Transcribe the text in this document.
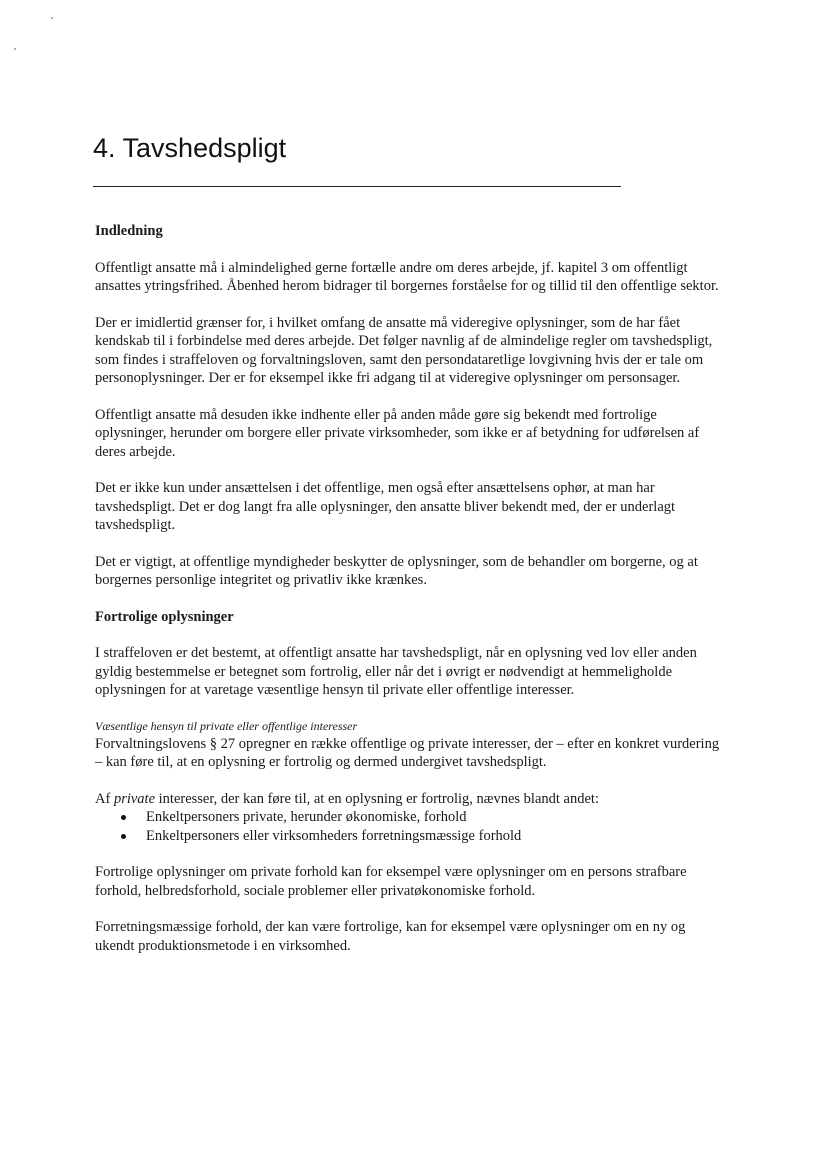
4. Tavshedspligt

Indledning

Offentligt ansatte må i almindelighed gerne fortælle andre om deres arbejde, jf. kapitel 3 om offentligt ansattes ytringsfrihed. Åbenhed herom bidrager til borgernes forståelse for og tillid til den offentlige sektor.

Der er imidlertid grænser for, i hvilket omfang de ansatte må videregive oplysninger, som de har fået kendskab til i forbindelse med deres arbejde. Det følger navnlig af de almindelige regler om tavshedspligt, som findes i straffeloven og forvaltningsloven, samt den persondataretlige lovgivning hvis der er tale om personoplysninger. Der er for eksempel ikke fri adgang til at videregive oplysninger om personsager.

Offentligt ansatte må desuden ikke indhente eller på anden måde gøre sig bekendt med fortrolige oplysninger, herunder om borgere eller private virksomheder, som ikke er af betydning for udførelsen af deres arbejde.

Det er ikke kun under ansættelsen i det offentlige, men også efter ansættelsens ophør, at man har tavshedspligt. Det er dog langt fra alle oplysninger, den ansatte bliver bekendt med, der er underlagt tavshedspligt.

Det er vigtigt, at offentlige myndigheder beskytter de oplysninger, som de behandler om borgerne, og at borgernes personlige integritet og privatliv ikke krænkes.

Fortrolige oplysninger

I straffeloven er det bestemt, at offentligt ansatte har tavshedspligt, når en oplysning ved lov eller anden gyldig bestemmelse er betegnet som fortrolig, eller når det i øvrigt er nødvendigt at hemmeligholde oplysningen for at varetage væsentlige hensyn til private eller offentlige interesser.

Væsentlige hensyn til private eller offentlige interesser

Forvaltningslovens § 27 opregner en række offentlige og private interesser, der – efter en konkret vurdering – kan føre til, at en oplysning er fortrolig og dermed undergivet tavshedspligt.

Af private interesser, der kan føre til, at en oplysning er fortrolig, nævnes blandt andet:

Enkeltpersoners private, herunder økonomiske, forhold
Enkeltpersoners eller virksomheders forretningsmæssige forhold

Fortrolige oplysninger om private forhold kan for eksempel være oplysninger om en persons strafbare forhold, helbredsforhold, sociale problemer eller privatøkonomiske forhold.

Forretningsmæssige forhold, der kan være fortrolige, kan for eksempel være oplysninger om en ny og ukendt produktionsmetode i en virksomhed.
